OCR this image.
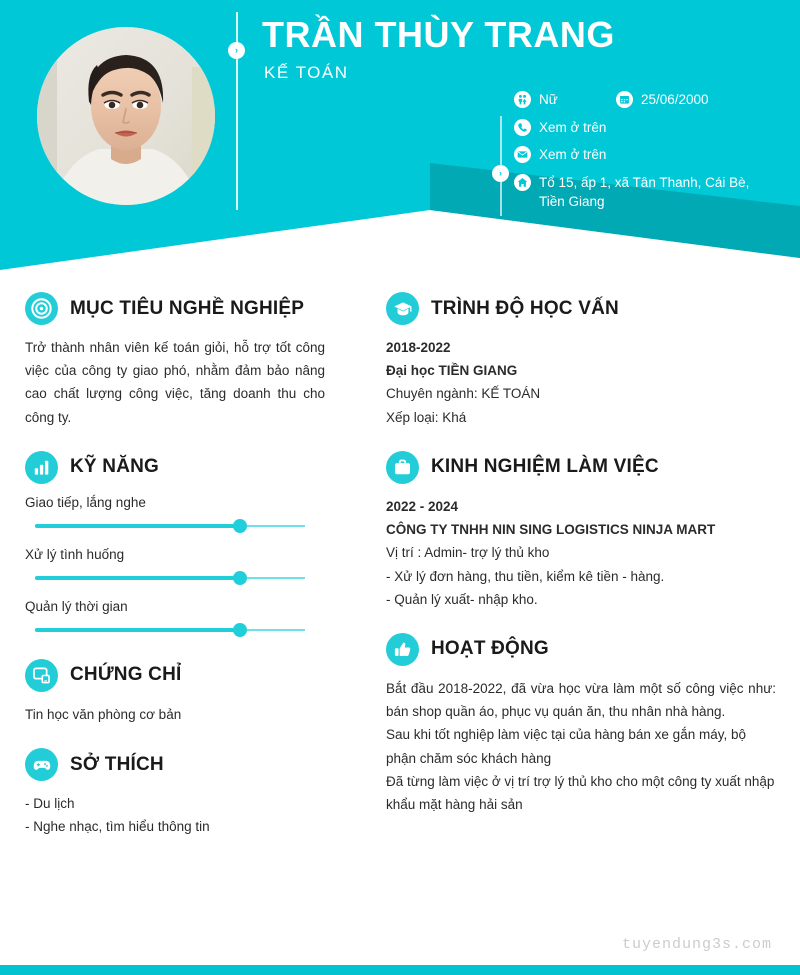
› TRẦN THÙY TRANG
KẾ TOÁN
›
Nữ	25/06/2000
Xem ở trên
Xem ở trên
Tổ 15, ấp 1, xã Tân Thanh, Cái Bè, Tiền Giang
MỤC TIÊU NGHỀ NGHIỆP

Trở thành nhân viên kế toán giỏi, hỗ trợ tốt công việc của công ty giao phó, nhằm đảm bảo nâng cao chất lượng công việc, tăng doanh thu cho công ty.

KỸ NĂNG
Giao tiếp, lắng nghe
Xử lý tình huống
Quản lý thời gian
CHỨNG CHỈ

Tin học văn phòng cơ bản

SỞ THÍCH

- Du lịch

- Nghe nhạc, tìm hiểu thông tin

TRÌNH ĐỘ HỌC VẤN

2018-2022

Đại học TIỀN GIANG

Chuyên ngành: KẾ TOÁN

Xếp loại: Khá

KINH NGHIỆM LÀM VIỆC

2022 - 2024

CÔNG TY TNHH NIN SING LOGISTICS NINJA MART

Vị trí : Admin- trợ lý thủ kho

- Xử lý đơn hàng, thu tiền, kiểm kê tiền - hàng.

- Quản lý xuất- nhập kho.

HOẠT ĐỘNG

Bắt đầu 2018-2022, đã vừa học vừa làm một số công việc như: bán shop quần áo, phục vụ quán ăn, thu nhân nhà hàng.

Sau khi tốt nghiệp làm việc tại của hàng bán xe gắn máy, bộ phận chăm sóc khách hàng

Đã từng làm việc ở vị trí trợ lý thủ kho cho một công ty xuất nhập khẩu mặt hàng hải sản

tuyendung3s.com
